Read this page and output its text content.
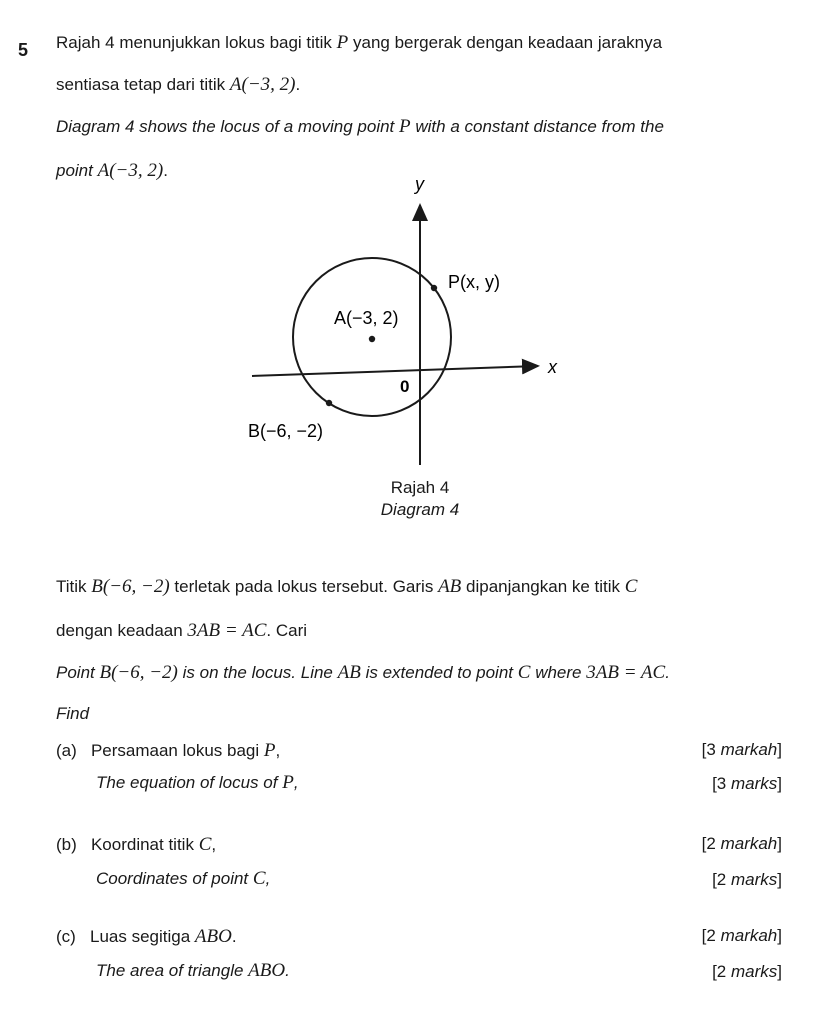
5 Rajah 4 menunjukkan lokus bagi titik P yang bergerak dengan keadaan jaraknya
sentiasa tetap dari titik A(−3, 2).
Diagram 4 shows the locus of a moving point P with a constant distance from the
point A(−3, 2).
y
x
0
P(x, y)
A(−3, 2)
B(−6, −2)
Rajah 4
Diagram 4
Titik B(−6, −2) terletak pada lokus tersebut. Garis AB dipanjangkan ke titik C
dengan keadaan 3AB = AC. Cari
Point B(−6, −2) is on the locus. Line AB is extended to point C where 3AB = AC.
Find
(a) Persamaan lokus bagi P,	[3 markah]
The equation of locus of P,	[3 marks]
(b) Koordinat titik C,	[2 markah]
Coordinates of point C,	[2 marks]
(c) Luas segitiga ABO.	[2 markah]
The area of triangle ABO.	[2 marks]
